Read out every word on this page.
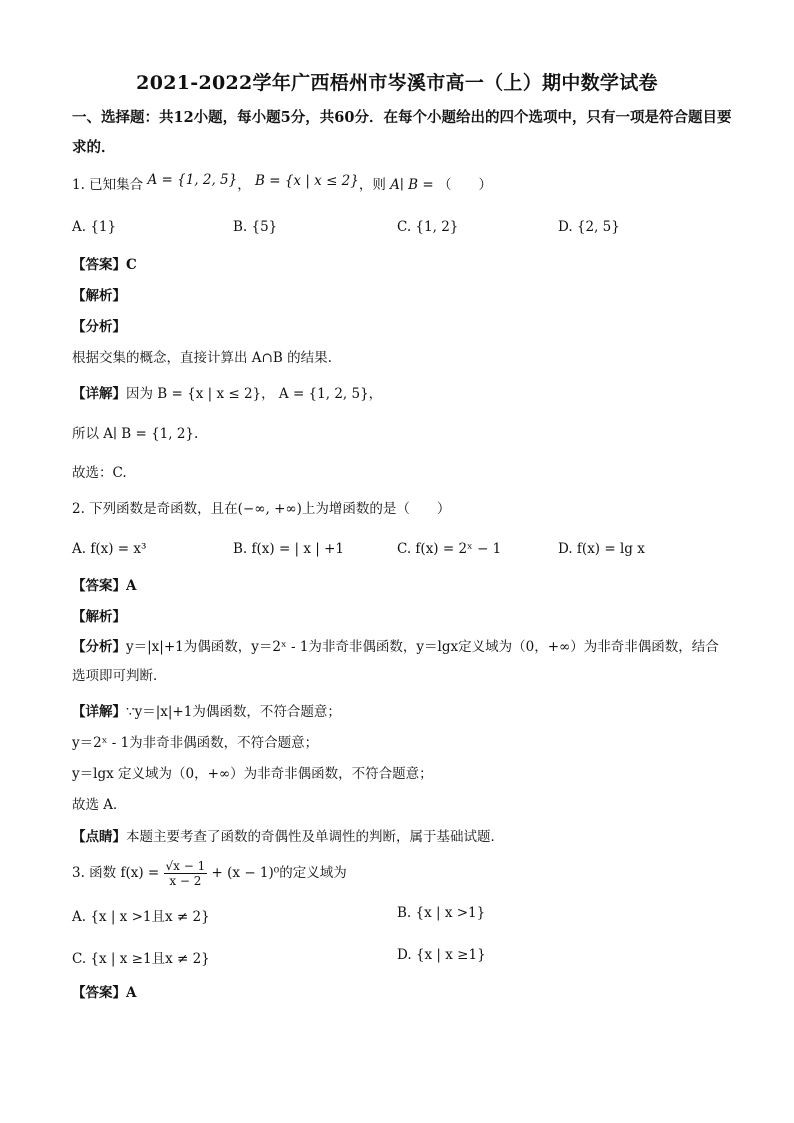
2021-2022学年广西梧州市岑溪市高一（上）期中数学试卷
一、选择题：共12小题，每小题5分，共60分．在每个小题给出的四个选项中，只有一项是符合题目要求的．
1. 已知集合 A = {1, 2, 5}， B = {x | x ≤ 2}，则 A∣ B = （　　）
A. {1}	B. {5}	C. {1, 2}	D. {2, 5}
【答案】C
【解析】
【分析】
根据交集的概念，直接计算出 A∩B 的结果.
【详解】因为 B = {x | x ≤ 2}， A = {1, 2, 5}，
所以 A∣ B = {1, 2}.
故选：C.
2. 下列函数是奇函数，且在(−∞, +∞)上为增函数的是（　　）
A. f(x) = x³	B. f(x) = | x | +1	C. f(x) = 2ˣ − 1	D. f(x) = lg x
【答案】A
【解析】
【分析】y＝|x|+1为偶函数，y＝2ˣ - 1为非奇非偶函数，y＝lgx定义域为（0，+∞）为非奇非偶函数，结合选项即可判断．
【详解】∵y＝|x|+1为偶函数，不符合题意；
y＝2ˣ - 1为非奇非偶函数，不符合题意；
y＝lgx 定义域为（0，+∞）为非奇非偶函数，不符合题意；
故选 A．
【点睛】本题主要考查了函数的奇偶性及单调性的判断，属于基础试题．
3. 函数 $f(x) = \frac{√x - 1}{x - 2} + (x - 1)^0$的定义域为
A. {x | x >1且x ≠ 2}	B. {x | x >1}
C. {x | x ≥1且x ≠ 2}	D. {x | x ≥1}
【答案】A
